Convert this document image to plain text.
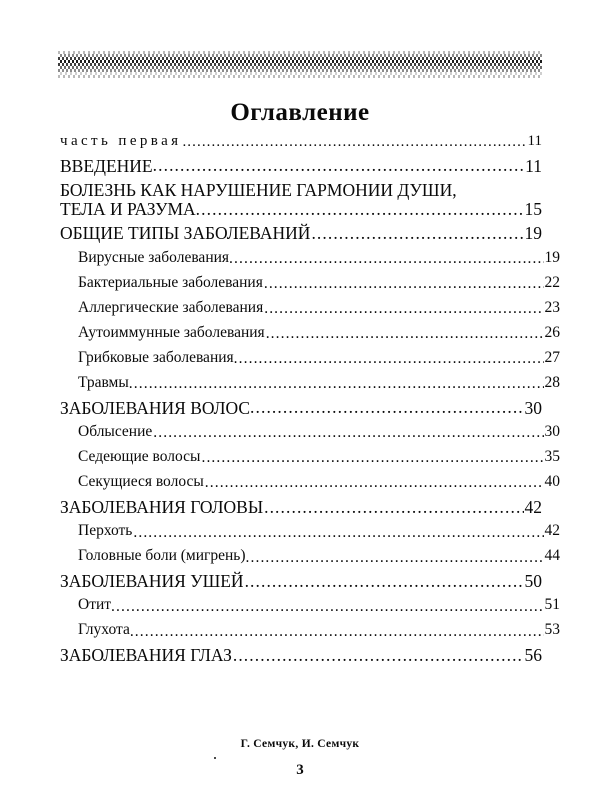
Оглавление
часть первая .....	11
ВВЕДЕНИЕ .....	11
БОЛЕЗНЬ КАК НАРУШЕНИЕ ГАРМОНИИ ДУШИ,
ТЕЛА И РАЗУМА .....	15
ОБЩИЕ ТИПЫ ЗАБОЛЕВАНИЙ .....	19
Вирусные заболевания .....	19
Бактериальные заболевания .....	22
Аллергические заболевания .....	23
Аутоиммунные заболевания .....	26
Грибковые заболевания .....	27
Травмы .....	28
ЗАБОЛЕВАНИЯ ВОЛОС .....	30
Облысение .....	30
Седеющие волосы .....	35
Секущиеся волосы .....	40
ЗАБОЛЕВАНИЯ ГОЛОВЫ .....	42
Перхоть .....	42
Головные боли (мигрень) .....	44
ЗАБОЛЕВАНИЯ УШЕЙ .....	50
Отит .....	51
Глухота .....	53
ЗАБОЛЕВАНИЯ ГЛАЗ .....	56
Г. Семчук, И. Семчук
3
